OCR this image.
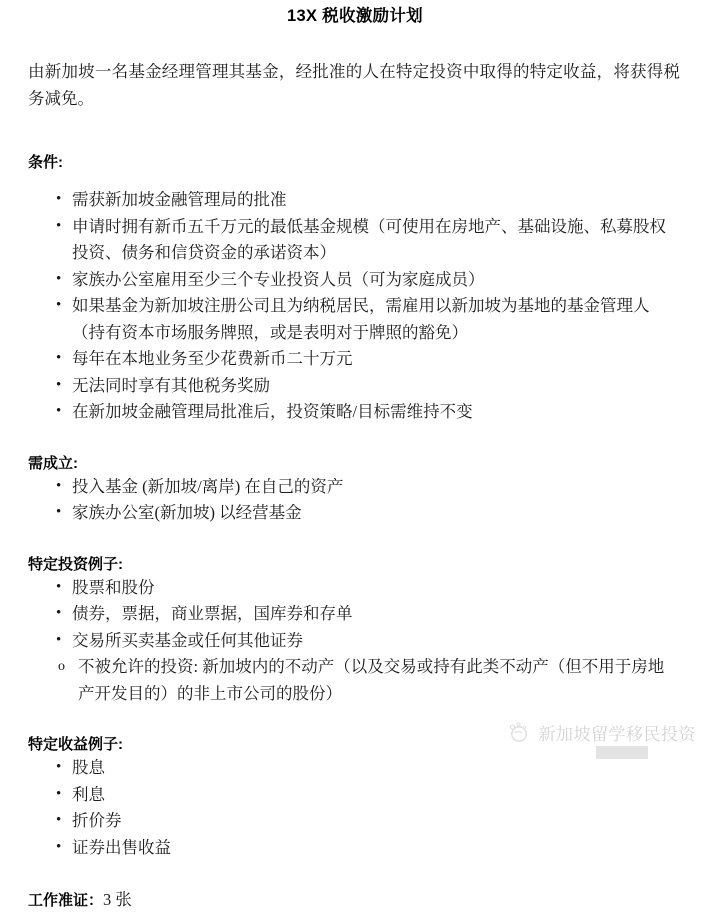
13X 税收激励计划

由新加坡一名基金经理管理其基金，经批准的人在特定投资中取得的特定收益，将获得税务减免。

条件:
• 需获新加坡金融管理局的批准
• 申请时拥有新币五千万元的最低基金规模（可使用在房地产、基础设施、私募股权投资、债务和信贷资金的承诺资本）
• 家族办公室雇用至少三个专业投资人员（可为家庭成员）
• 如果基金为新加坡注册公司且为纳税居民，需雇用以新加坡为基地的基金管理人（持有资本市场服务牌照，或是表明对于牌照的豁免）
• 每年在本地业务至少花费新币二十万元
• 无法同时享有其他税务奖励
• 在新加坡金融管理局批准后，投资策略/目标需维持不变
需成立:
• 投入基金 (新加坡/离岸) 在自己的资产
• 家族办公室(新加坡) 以经营基金
特定投资例子:
• 股票和股份
• 债券，票据，商业票据，国库券和存单
• 交易所买卖基金或任何其他证券
o 不被允许的投资: 新加坡内的不动产（以及交易或持有此类不动产（但不用于房地产开发目的）的非上市公司的股份）
特定收益例子:
• 股息
• 利息
• 折价券
• 证券出售收益
工作准证：3 张
新加坡留学移民投资
